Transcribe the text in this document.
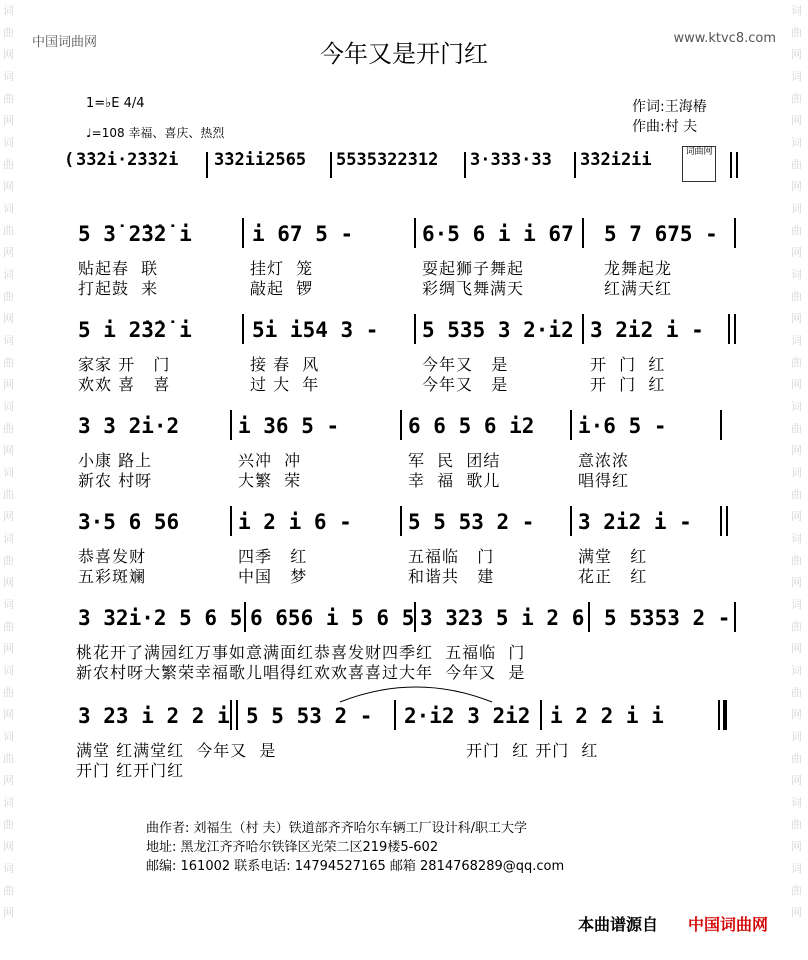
词曲网词曲网词曲网词曲网词曲网词曲网词曲网词曲网词曲网词曲网词曲网词曲网词曲网词曲网
词曲网词曲网词曲网词曲网词曲网词曲网词曲网词曲网词曲网词曲网词曲网词曲网词曲网词曲网
中国词曲网	www.ktvc8.com
今年又是开门红
1=♭E 4/4
♩=108 幸福、喜庆、热烈
作词:王海椿
作曲:村 夫
( 3̇3̇2̇i·2̇3̇3̇2̇i 3̇3̇2̇ii2̇565 5535322̇31̇2 3·333·33 3̇3̇2̇i2̇ii	词曲网
5 3̇ 2̇3̇2̇ i	i 67 5 -	6·5 6 i i 67 5 7 675 -
贴起春  联	挂灯  笼	耍起狮子舞起	龙舞起龙
打起鼓  来	敲起  锣	彩绸飞舞满天	红满天红
5 i 2̇3̇2̇ i	5i i54 3 - 5 535 3 2·i2 3 2i2 i -
家家 开   门	接 春  风	今年又   是	开  门  红
欢欢 喜   喜	过 大  年	今年又   是	开  门  红
3 3 2i·2	i 36 5 -	6 6 5 6 i2 i·6 5 -
小康 路上	兴冲  冲	军  民  团结	意浓浓
新农 村呀	大繁  荣	幸  福  歌儿	唱得红
3·5 6 56	i 2 i 6 -	5 5 53 2 - 3 2i2 i -
恭喜发财	四季   红	五福临   门	满堂   红
五彩斑斓	中国   梦	和谐共   建	花正   红
3 32i·2 5 6 5 6 656 i 5 6 5 3 323 5 i 2 6 5 5353 2 -
桃花开了满园红万事如意满面红恭喜发财四季红  五福临  门
新农村呀大繁荣幸福歌儿唱得红欢欢喜喜过大年  今年又  是
3 23 i 2 2 i 5 5 53 2 - 2·i2 3 2i2 i 2 2 i i
满堂 红满堂红  今年又  是	开门  红 开门  红
开门 红开门红
曲作者: 刘福生（村 夫）铁道部齐齐哈尔车辆工厂设计科/职工大学
地址: 黑龙江齐齐哈尔铁锋区光荣二区219楼5-602
邮编: 161002 联系电话: 14794527165 邮箱 2814768289@qq.com
本曲谱源自 中国词曲网
